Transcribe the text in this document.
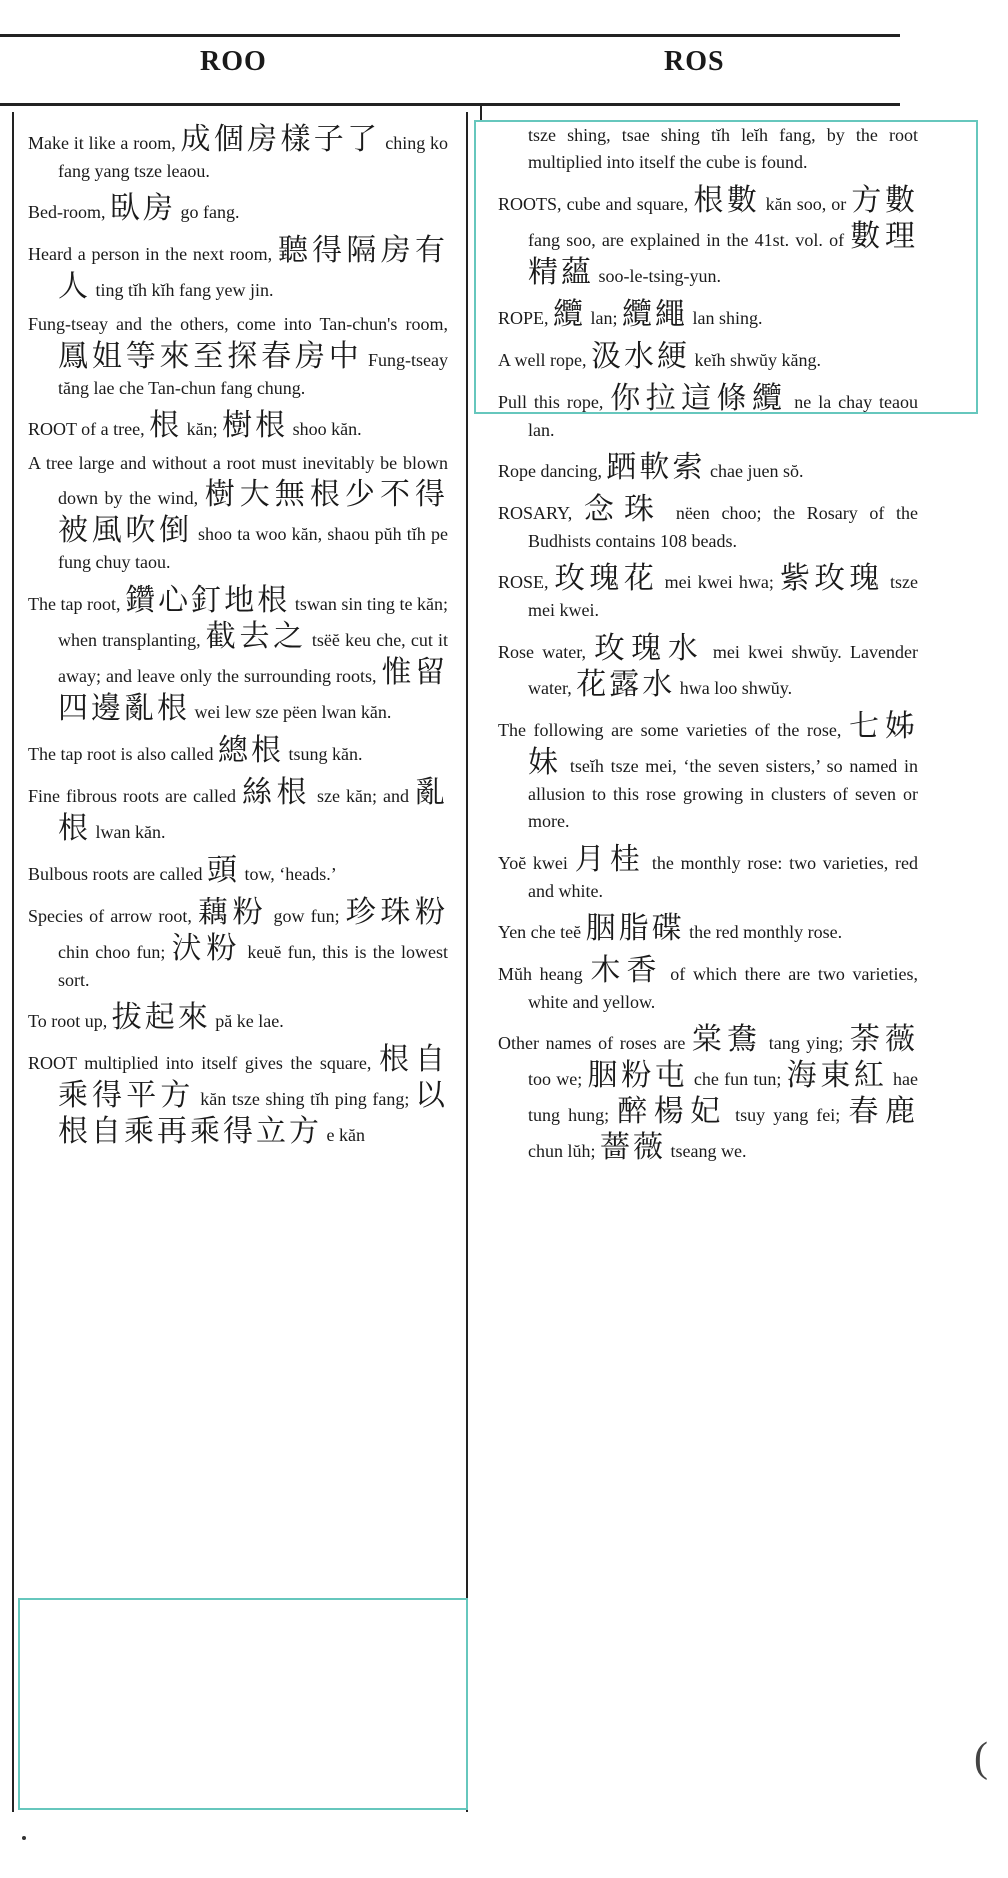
ROO	ROS

Make it like a room, 成個房樣子了 ching ko fang yang tsze leaou.

Bed-room, 臥房 go fang.

Heard a person in the next room, 聽得隔房有人 ting tĭh kĭh fang yew jin.

Fung-tseay and the others, come into Tan-chun's room, 鳳姐等來至探春房中 Fung-tseay tăng lae che Tan-chun fang chung.

ROOT of a tree, 根 kăn; 樹根 shoo kăn.

A tree large and without a root must inevitably be blown down by the wind, 樹大無根少不得被風吹倒 shoo ta woo kăn, shaou pŭh tĭh pe fung chuy taou.

The tap root, 鑽心釘地根 tswan sin ting te kăn; when transplanting, 截去之 tsëĕ keu che, cut it away; and leave only the surrounding roots, 惟留四邊亂根 wei lew sze pëen lwan kăn.

The tap root is also called 總根 tsung kăn.

Fine fibrous roots are called 絲根 sze kăn; and 亂根 lwan kăn.

Bulbous roots are called 頭 tow, ‘heads.’

Species of arrow root, 藕粉 gow fun; 珍珠粉 chin choo fun; 汱粉 keuĕ fun, this is the lowest sort.

To root up, 拔起來 pă ke lae.

ROOT multiplied into itself gives the square, 根自乘得平方 kăn tsze shing tĭh ping fang; 以根自乘再乘得立方 e kăn

tsze shing, tsae shing tĭh leĭh fang, by the root multiplied into itself the cube is found.

ROOTS, cube and square, 根數 kăn soo, or 方數 fang soo, are explained in the 41st. vol. of 數理精蘊 soo-le-tsing-yun.

ROPE, 纜 lan; 纜繩 lan shing.

A well rope, 汲水綆 keĭh shwŭy kăng.

Pull this rope, 你拉這條纜 ne la chay teaou lan.

Rope dancing, 跴軟索 chae juen sŏ.

ROSARY, 念珠 nëen choo; the Rosary of the Budhists contains 108 beads.

ROSE, 玫瑰花 mei kwei hwa; 紫玫瑰 tsze mei kwei.

Rose water, 玫瑰水 mei kwei shwŭy. Lavender water, 花露水 hwa loo shwŭy.

The following are some varieties of the rose, 七姊妹 tseĭh tsze mei, ‘the seven sisters,’ so named in allusion to this rose growing in clusters of seven or more.

Yoĕ kwei 月桂 the monthly rose: two varieties, red and white.

Yen che teĕ 胭脂碟 the red monthly rose.

Mŭh heang 木香 of which there are two varieties, white and yellow.

Other names of roses are 棠鴦 tang ying; 荼薇 too we; 胭粉屯 che fun tun; 海東紅 hae tung hung; 醉楊妃 tsuy yang fei; 春鹿 chun lŭh; 薔薇 tseang we.

(
